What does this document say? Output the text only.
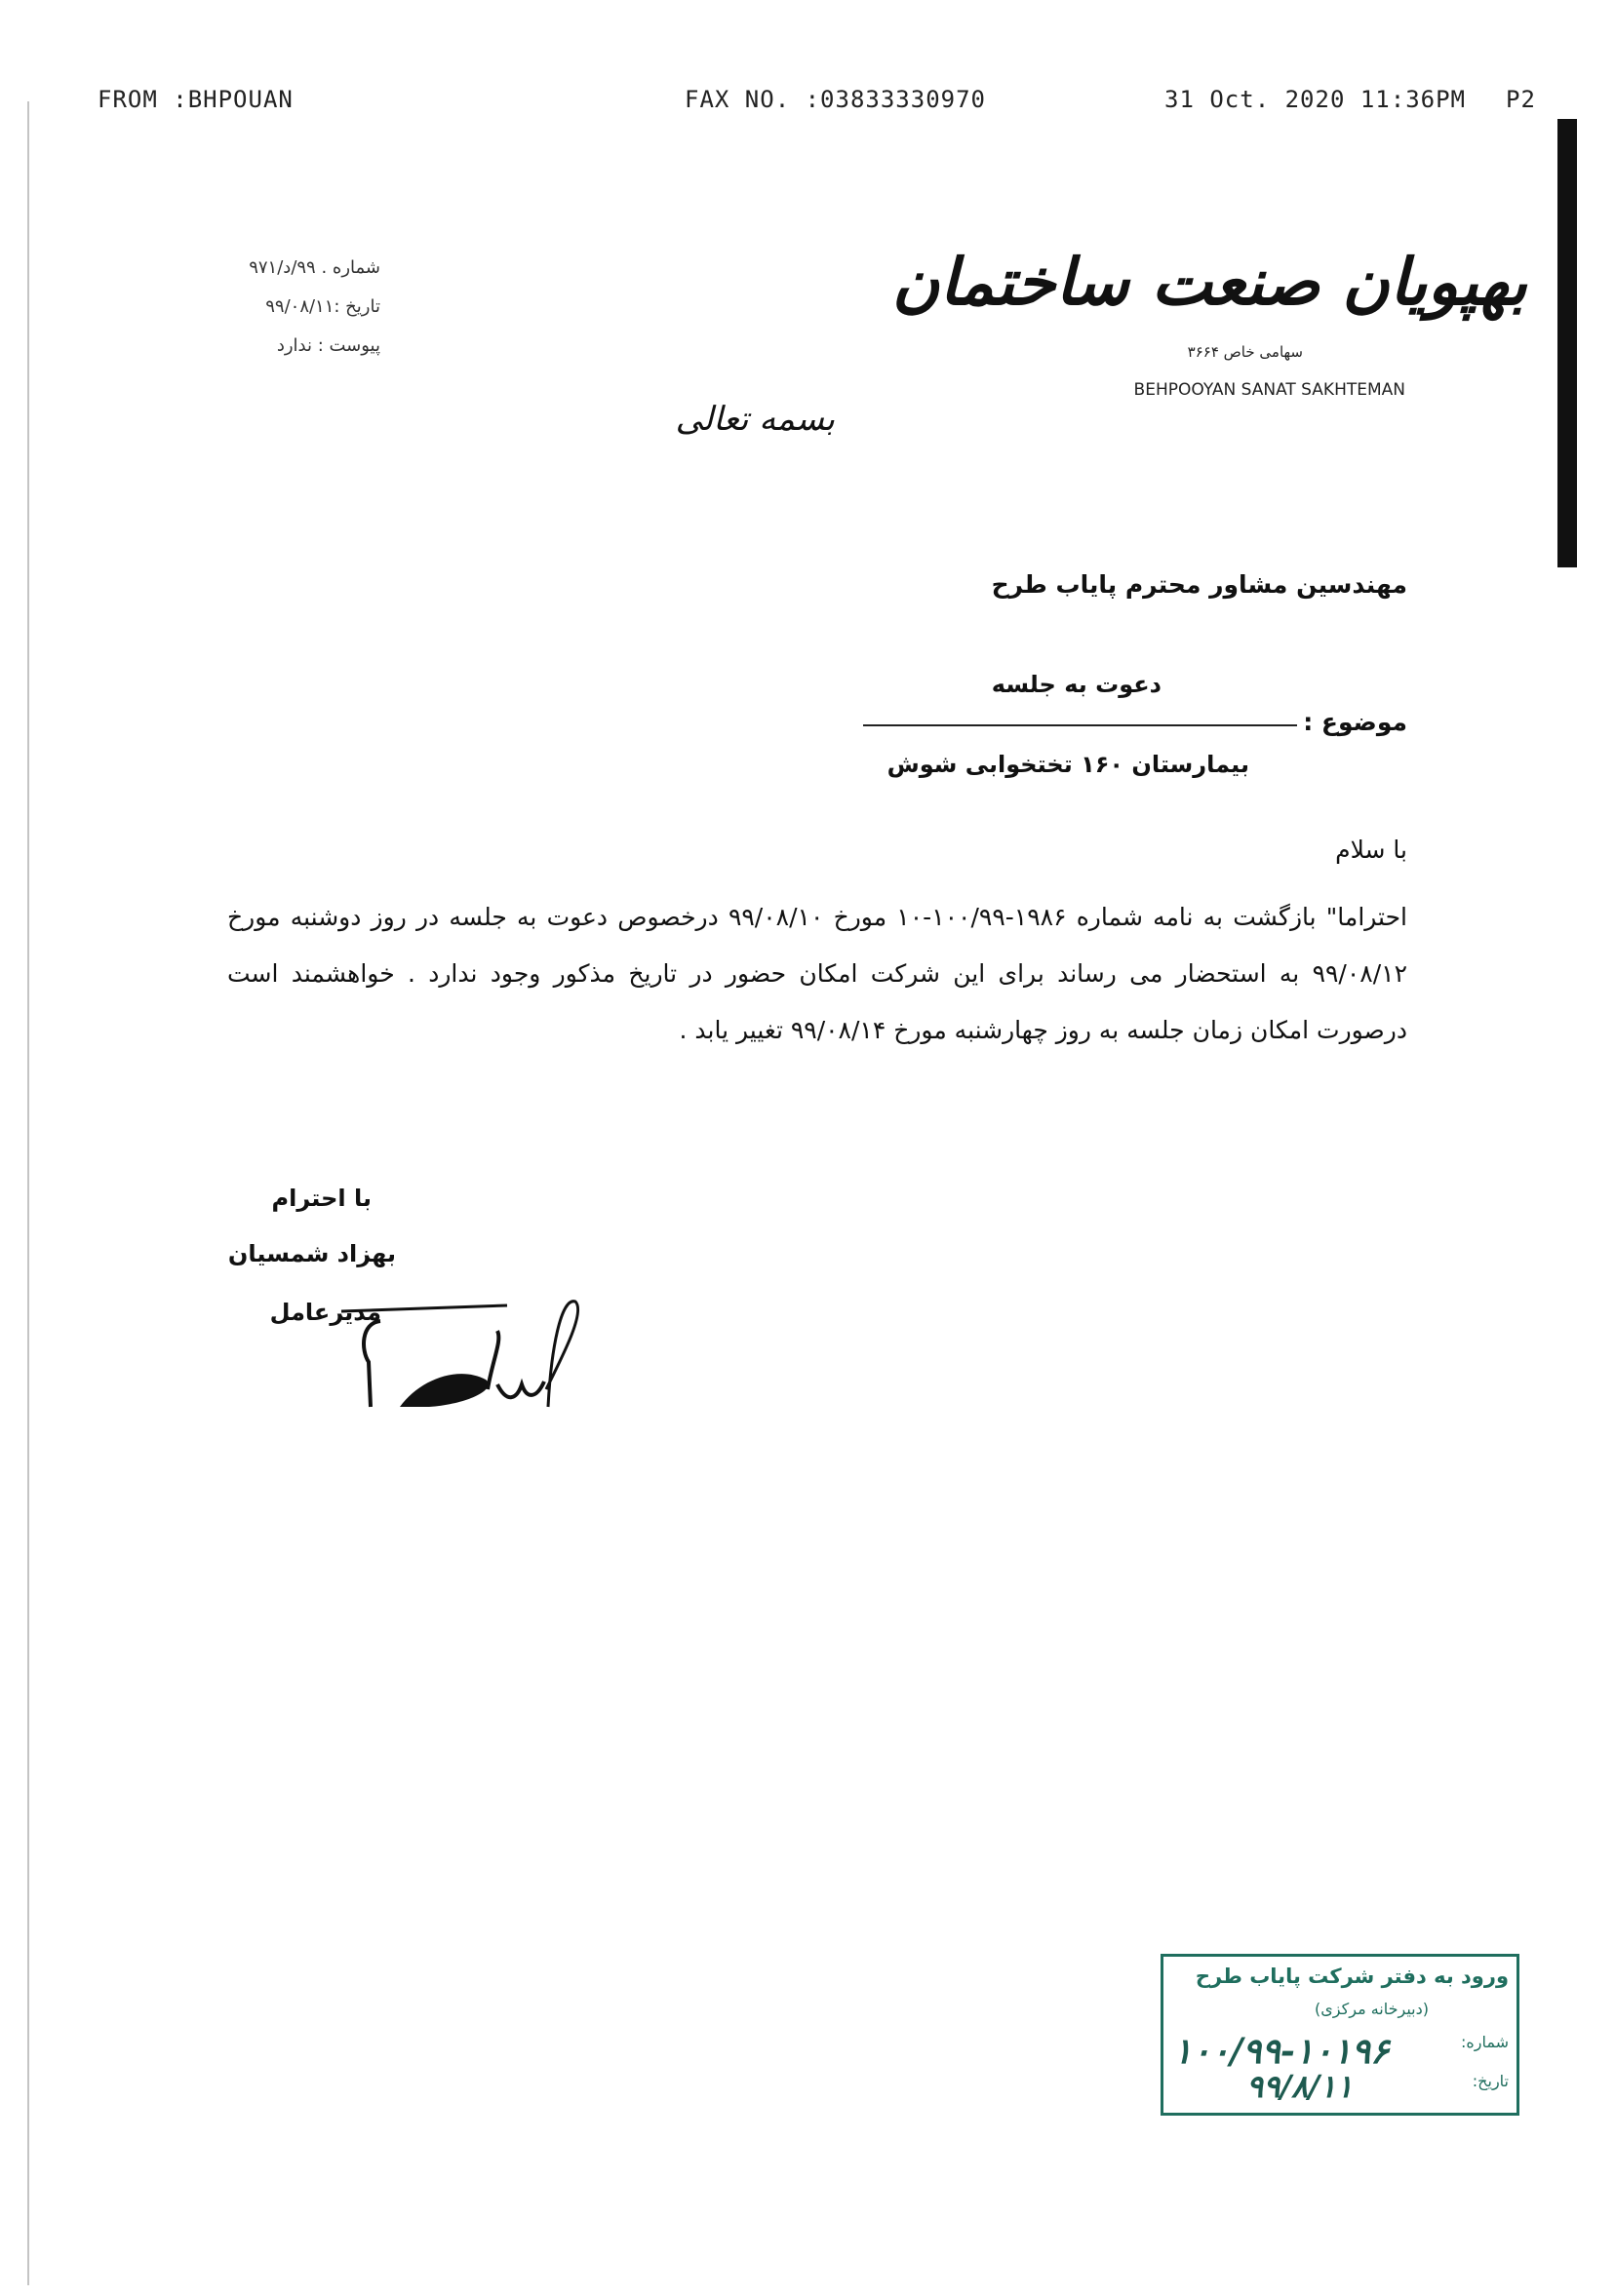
FROM :BHPOUAN	FAX NO. :03833330970	31 Oct. 2020 11:36PM P2
شماره . ۹۹/د/۹۷۱
تاریخ :۹۹/۰۸/۱۱
پیوست : ندارد
بهپویان صنعت ساختمان
سهامی خاص ۳۶۶۴
BEHPOOYAN SANAT SAKHTEMAN
بسمه تعالی
مهندسین مشاور محترم پایاب طرح
دعوت به جلسه
موضوع :
بیمارستان ۱۶۰ تختخوابی شوش
با سلام
احتراما" بازگشت به نامه شماره ۱۹۸۶-۱۰۰/۹۹-۱۰ مورخ ۹۹/۰۸/۱۰ درخصوص دعوت به جلسه در روز دوشنبه مورخ ۹۹/۰۸/۱۲ به استحضار می رساند برای این شرکت امکان حضور در تاریخ مذکور وجود ندارد . خواهشمند است درصورت امکان زمان جلسه به روز چهارشنبه مورخ ۹۹/۰۸/۱۴ تغییر یابد .
با احترام
بهزاد شمسیان
مدیرعامل
ورود به دفتر شرکت پایاب طرح
(دبیرخانه مرکزی)
شماره:
تاریخ:
۱۰۰/۹۹-۱۰۱۹۶
۹۹/۸/۱۱
